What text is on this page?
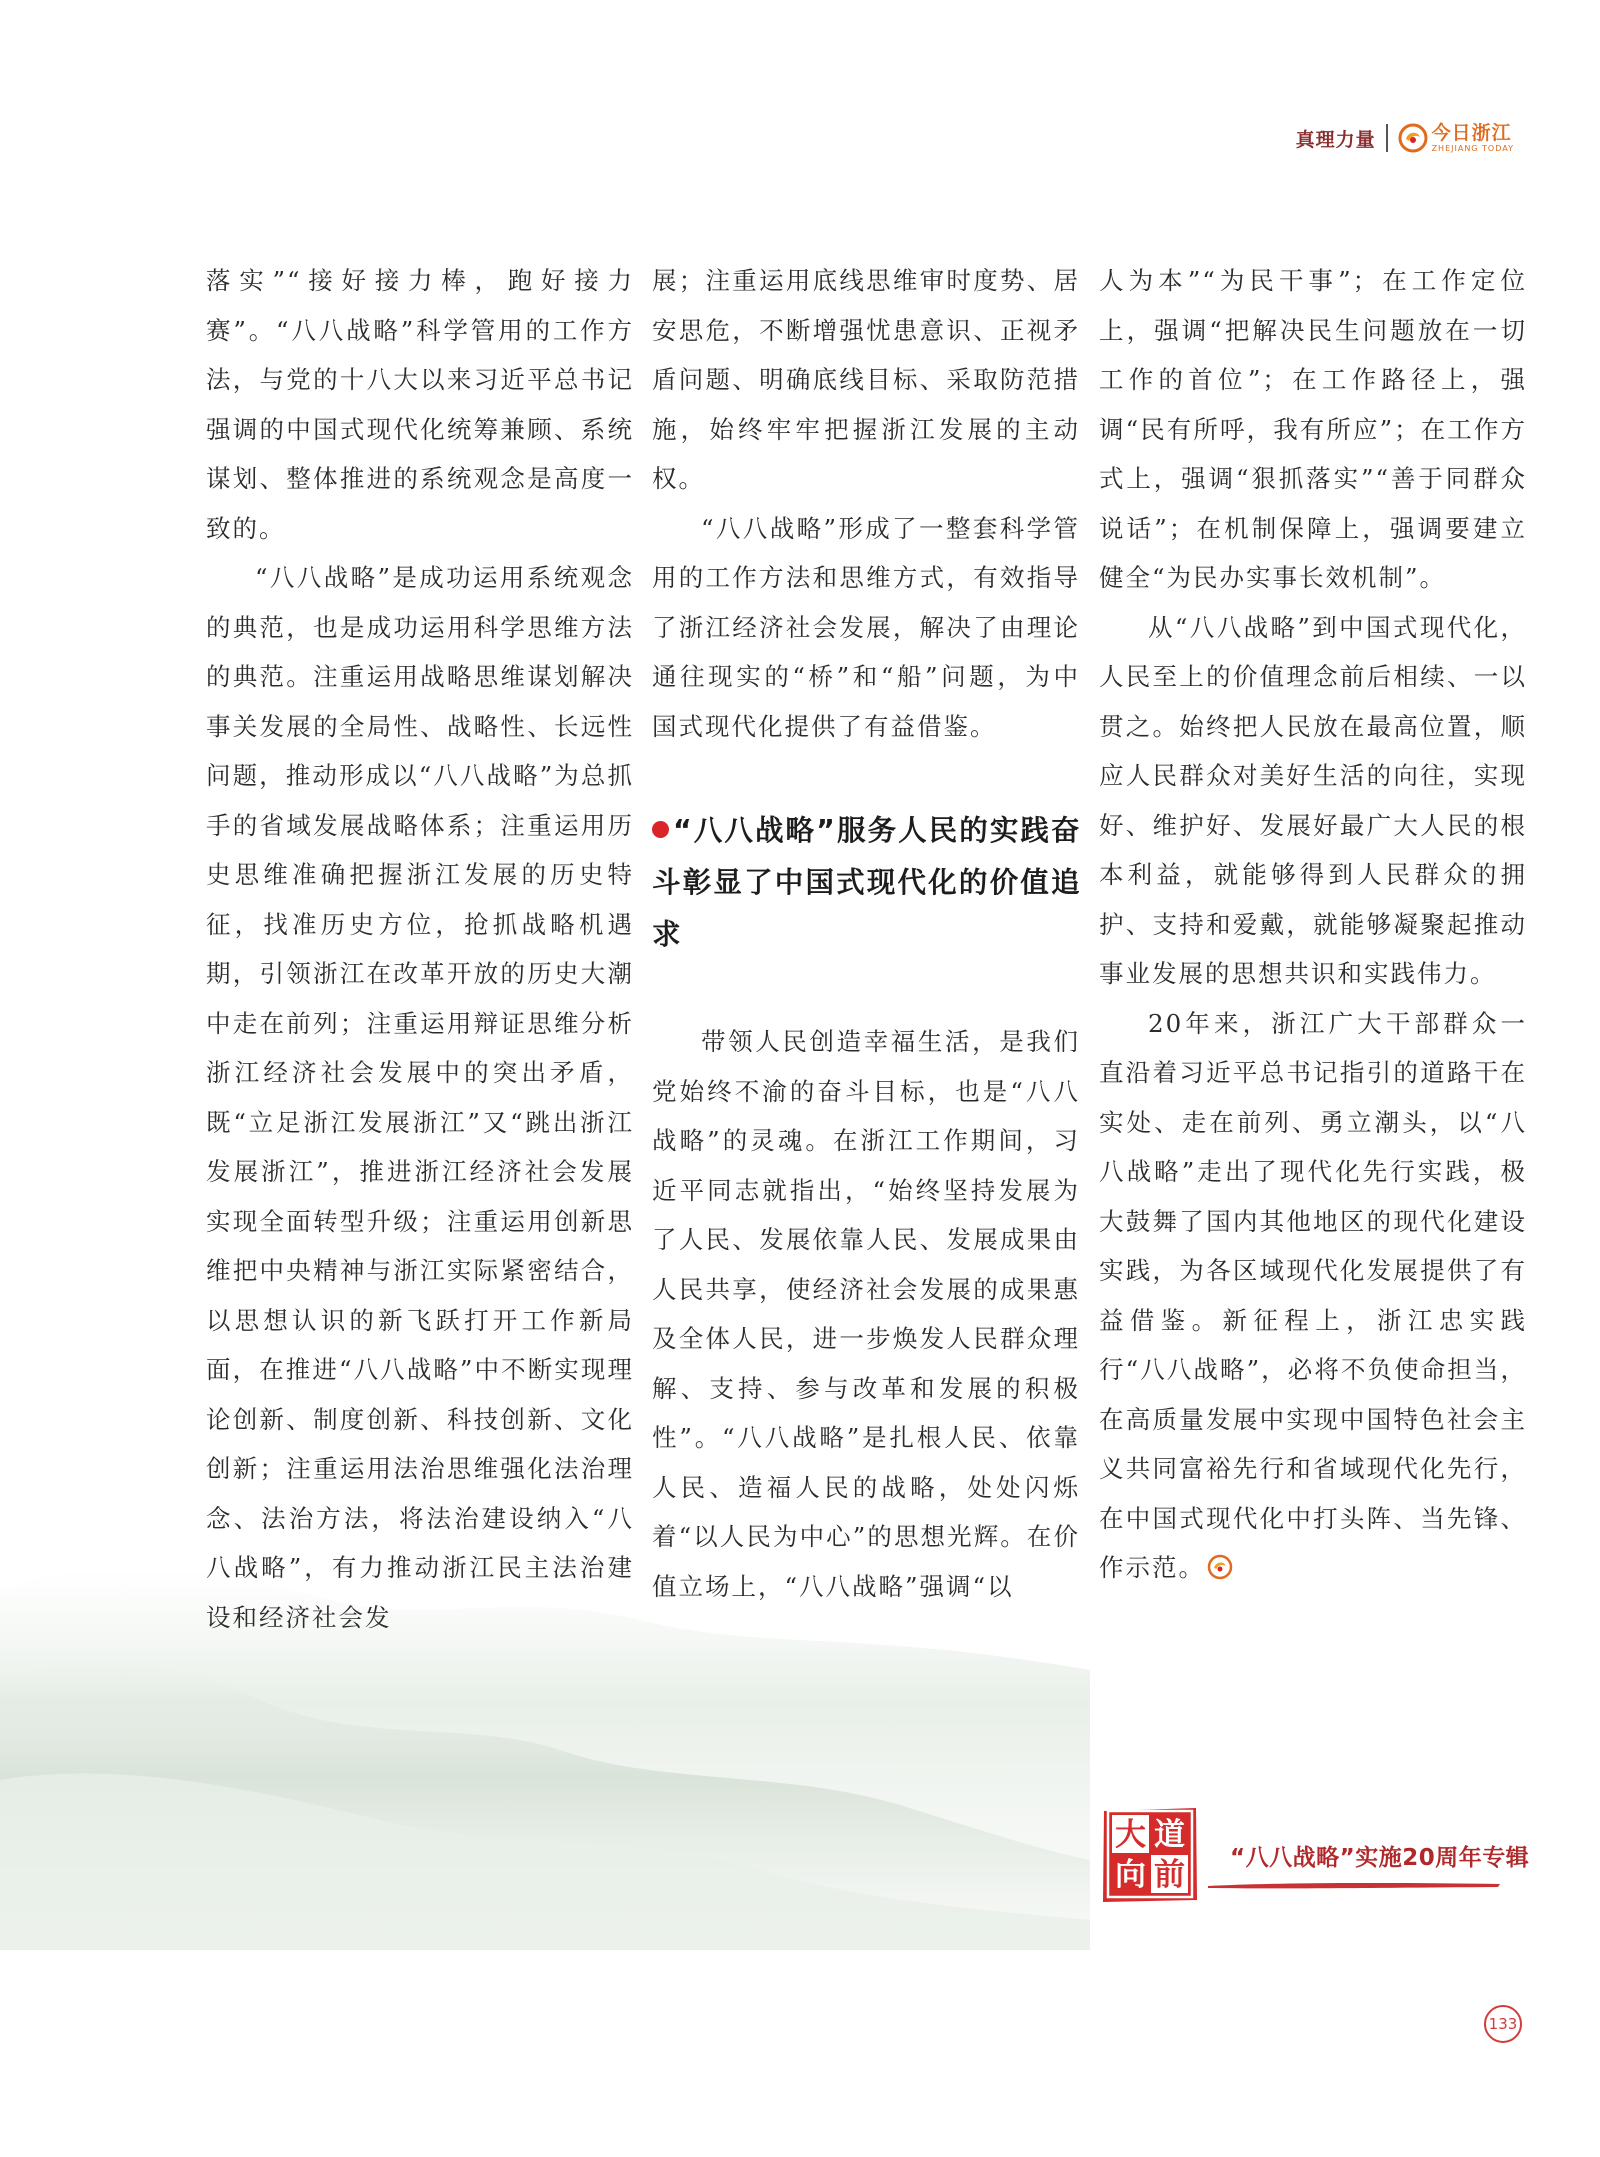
真理力量	今日浙江
ZHEJIANG TODAY

落实”“接好接力棒，跑好接力赛”。“八八战略”科学管用的工作方法，与党的十八大以来习近平总书记强调的中国式现代化统筹兼顾、系统谋划、整体推进的系统观念是高度一致的。

“八八战略”是成功运用系统观念的典范，也是成功运用科学思维方法的典范。注重运用战略思维谋划解决事关发展的全局性、战略性、长远性问题，推动形成以“八八战略”为总抓手的省域发展战略体系；注重运用历史思维准确把握浙江发展的历史特征，找准历史方位，抢抓战略机遇期，引领浙江在改革开放的历史大潮中走在前列；注重运用辩证思维分析浙江经济社会发展中的突出矛盾，既“立足浙江发展浙江”又“跳出浙江发展浙江”，推进浙江经济社会发展实现全面转型升级；注重运用创新思维把中央精神与浙江实际紧密结合，以思想认识的新飞跃打开工作新局面，在推进“八八战略”中不断实现理论创新、制度创新、科技创新、文化创新；注重运用法治思维强化法治理念、法治方法，将法治建设纳入“八八战略”，有力推动浙江民主法治建设和经济社会发

展；注重运用底线思维审时度势、居安思危，不断增强忧患意识、正视矛盾问题、明确底线目标、采取防范措施，始终牢牢把握浙江发展的主动权。

“八八战略”形成了一整套科学管用的工作方法和思维方式，有效指导了浙江经济社会发展，解决了由理论通往现实的“桥”和“船”问题，为中国式现代化提供了有益借鉴。

“八八战略”服务人民的实践奋斗彰显了中国式现代化的价值追求

带领人民创造幸福生活，是我们党始终不渝的奋斗目标，也是“八八战略”的灵魂。在浙江工作期间，习近平同志就指出，“始终坚持发展为了人民、发展依靠人民、发展成果由人民共享，使经济社会发展的成果惠及全体人民，进一步焕发人民群众理解、支持、参与改革和发展的积极性”。“八八战略”是扎根人民、依靠人民、造福人民的战略，处处闪烁着“以人民为中心”的思想光辉。在价值立场上，“八八战略”强调“以

人为本”“为民干事”；在工作定位上，强调“把解决民生问题放在一切工作的首位”；在工作路径上，强调“民有所呼，我有所应”；在工作方式上，强调“狠抓落实”“善于同群众说话”；在机制保障上，强调要建立健全“为民办实事长效机制”。

从“八八战略”到中国式现代化，人民至上的价值理念前后相续、一以贯之。始终把人民放在最高位置，顺应人民群众对美好生活的向往，实现好、维护好、发展好最广大人民的根本利益，就能够得到人民群众的拥护、支持和爱戴，就能够凝聚起推动事业发展的思想共识和实践伟力。

20年来，浙江广大干部群众一直沿着习近平总书记指引的道路干在实处、走在前列、勇立潮头，以“八八战略”走出了现代化先行实践，极大鼓舞了国内其他地区的现代化建设实践，为各区域现代化发展提供了有益借鉴。新征程上，浙江忠实践行“八八战略”，必将不负使命担当，在高质量发展中实现中国特色社会主义共同富裕先行和省域现代化先行，在中国式现代化中打头阵、当先锋、作示范。

大 道
向 前 “八八战略”实施20周年专辑
133
